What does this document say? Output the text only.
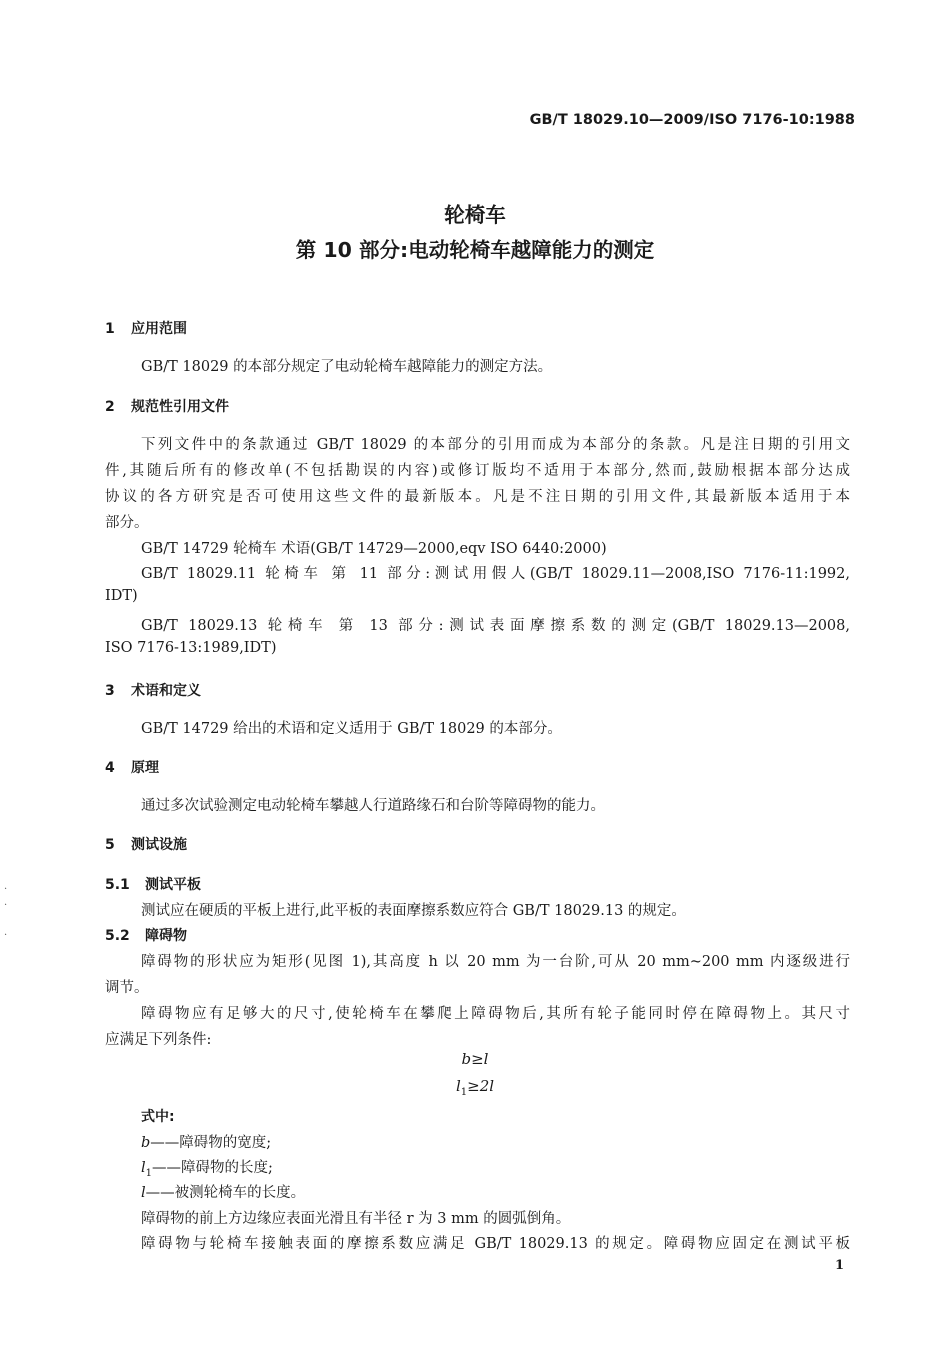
GB/T 18029.10—2009/ISO 7176-10:1988
轮椅车
第 10 部分:电动轮椅车越障能力的测定
1 应用范围
GB/T 18029 的本部分规定了电动轮椅车越障能力的测定方法。
2 规范性引用文件
下列文件中的条款通过 GB/T 18029 的本部分的引用而成为本部分的条款。凡是注日期的引用文
件,其随后所有的修改单(不包括勘误的内容)或修订版均不适用于本部分,然而,鼓励根据本部分达成
协议的各方研究是否可使用这些文件的最新版本。凡是不注日期的引用文件,其最新版本适用于本
部分。
GB/T 14729 轮椅车 术语(GB/T 14729—2000,eqv ISO 6440:2000)
GB/T 18029.11 轮椅车 第 11 部分:测试用假人(GB/T 18029.11—2008,ISO 7176-11:1992,
IDT)
GB/T 18029.13 轮椅车 第 13 部分:测试表面摩擦系数的测定(GB/T 18029.13—2008,
ISO 7176-13:1989,IDT)
3 术语和定义
GB/T 14729 给出的术语和定义适用于 GB/T 18029 的本部分。
4 原理
通过多次试验测定电动轮椅车攀越人行道路缘石和台阶等障碍物的能力。
5 测试设施
5.1 测试平板
测试应在硬质的平板上进行,此平板的表面摩擦系数应符合 GB/T 18029.13 的规定。
5.2 障碍物
障碍物的形状应为矩形(见图 1),其高度 h 以 20 mm 为一台阶,可从 20 mm~200 mm 内逐级进行
调节。
障碍物应有足够大的尺寸,使轮椅车在攀爬上障碍物后,其所有轮子能同时停在障碍物上。其尺寸
应满足下列条件:
b≥l
$l_1\ge 2l$
式中:
b——障碍物的宽度;
$l_1——$障碍物的长度;
l——被测轮椅车的长度。
障碍物的前上方边缘应表面光滑且有半径 r 为 3 mm 的圆弧倒角。
障碍物与轮椅车接触表面的摩擦系数应满足 GB/T 18029.13 的规定。障碍物应固定在测试平板
·
·
·
1
